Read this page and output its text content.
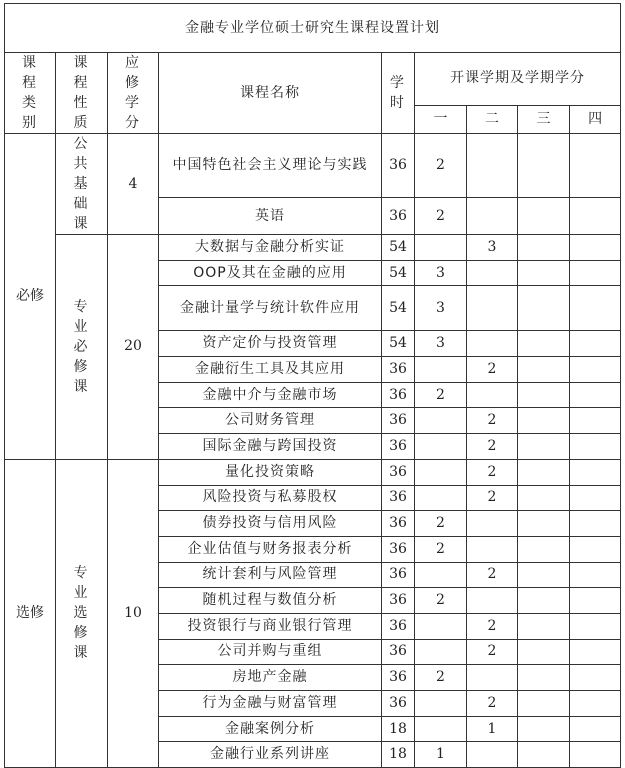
金融专业学位硕士研究生课程设置计划								
课程类别	课程性质	应修学分	课程名称	学时	开课学期及学期学分			
					一	二	三	四
必修	公共基础课	4	中国特色社会主义理论与实践	36	2			
			英语	36	2			
	专业必修课	20	大数据与金融分析实证	54		3		
			OOP及其在金融的应用	54	3			
			金融计量学与统计软件应用	54	3			
			资产定价与投资管理	54	3			
			金融衍生工具及其应用	36		2		
			金融中介与金融市场	36	2			
			公司财务管理	36		2		
			国际金融与跨国投资	36		2		
选修	专业选修课	10	量化投资策略	36		2		
			风险投资与私募股权	36		2		
			债券投资与信用风险	36	2			
			企业估值与财务报表分析	36	2			
			统计套利与风险管理	36		2		
			随机过程与数值分析	36	2			
			投资银行与商业银行管理	36		2		
			公司并购与重组	36		2		
			房地产金融	36	2			
			行为金融与财富管理	36		2		
			金融案例分析	18		1		
			金融行业系列讲座	18	1			
